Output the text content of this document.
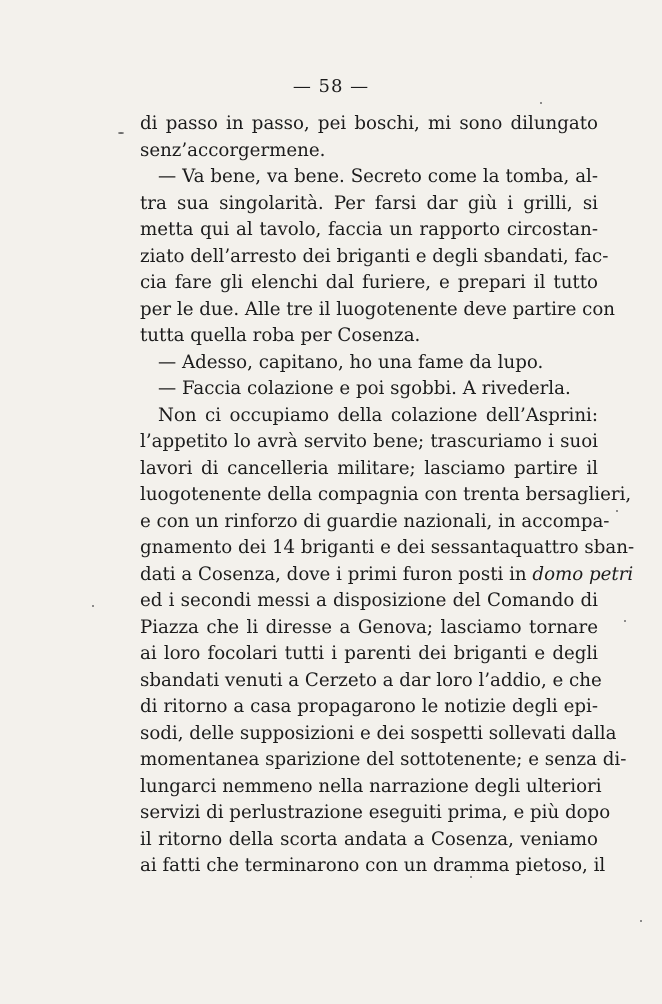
— 58 —
di passo in passo, pei boschi, mi sono dilungato
senz’accorgermene.
— Va bene, va bene. Secreto come la tomba, al-
tra sua singolarità. Per farsi dar giù i grilli, si
metta qui al tavolo, faccia un rapporto circostan-
ziato dell’arresto dei briganti e degli sbandati, fac-
cia fare gli elenchi dal furiere, e prepari il tutto
per le due. Alle tre il luogotenente deve partire con
tutta quella roba per Cosenza.
— Adesso, capitano, ho una fame da lupo.
— Faccia colazione e poi sgobbi. A rivederla.
Non ci occupiamo della colazione dell’Asprini:
l’appetito lo avrà servito bene; trascuriamo i suoi
lavori di cancelleria militare; lasciamo partire il
luogotenente della compagnia con trenta bersaglieri,
e con un rinforzo di guardie nazionali, in accompa-
gnamento dei 14 briganti e dei sessantaquattro sban-
dati a Cosenza, dove i primi furon posti in domo petri
ed i secondi messi a disposizione del Comando di
Piazza che li diresse a Genova; lasciamo tornare
ai loro focolari tutti i parenti dei briganti e degli
sbandati venuti a Cerzeto a dar loro l’addio, e che
di ritorno a casa propagarono le notizie degli epi-
sodi, delle supposizioni e dei sospetti sollevati dalla
momentanea sparizione del sottotenente; e senza di-
lungarci nemmeno nella narrazione degli ulteriori
servizi di perlustrazione eseguiti prima, e più dopo
il ritorno della scorta andata a Cosenza, veniamo
ai fatti che terminarono con un dramma pietoso, il
